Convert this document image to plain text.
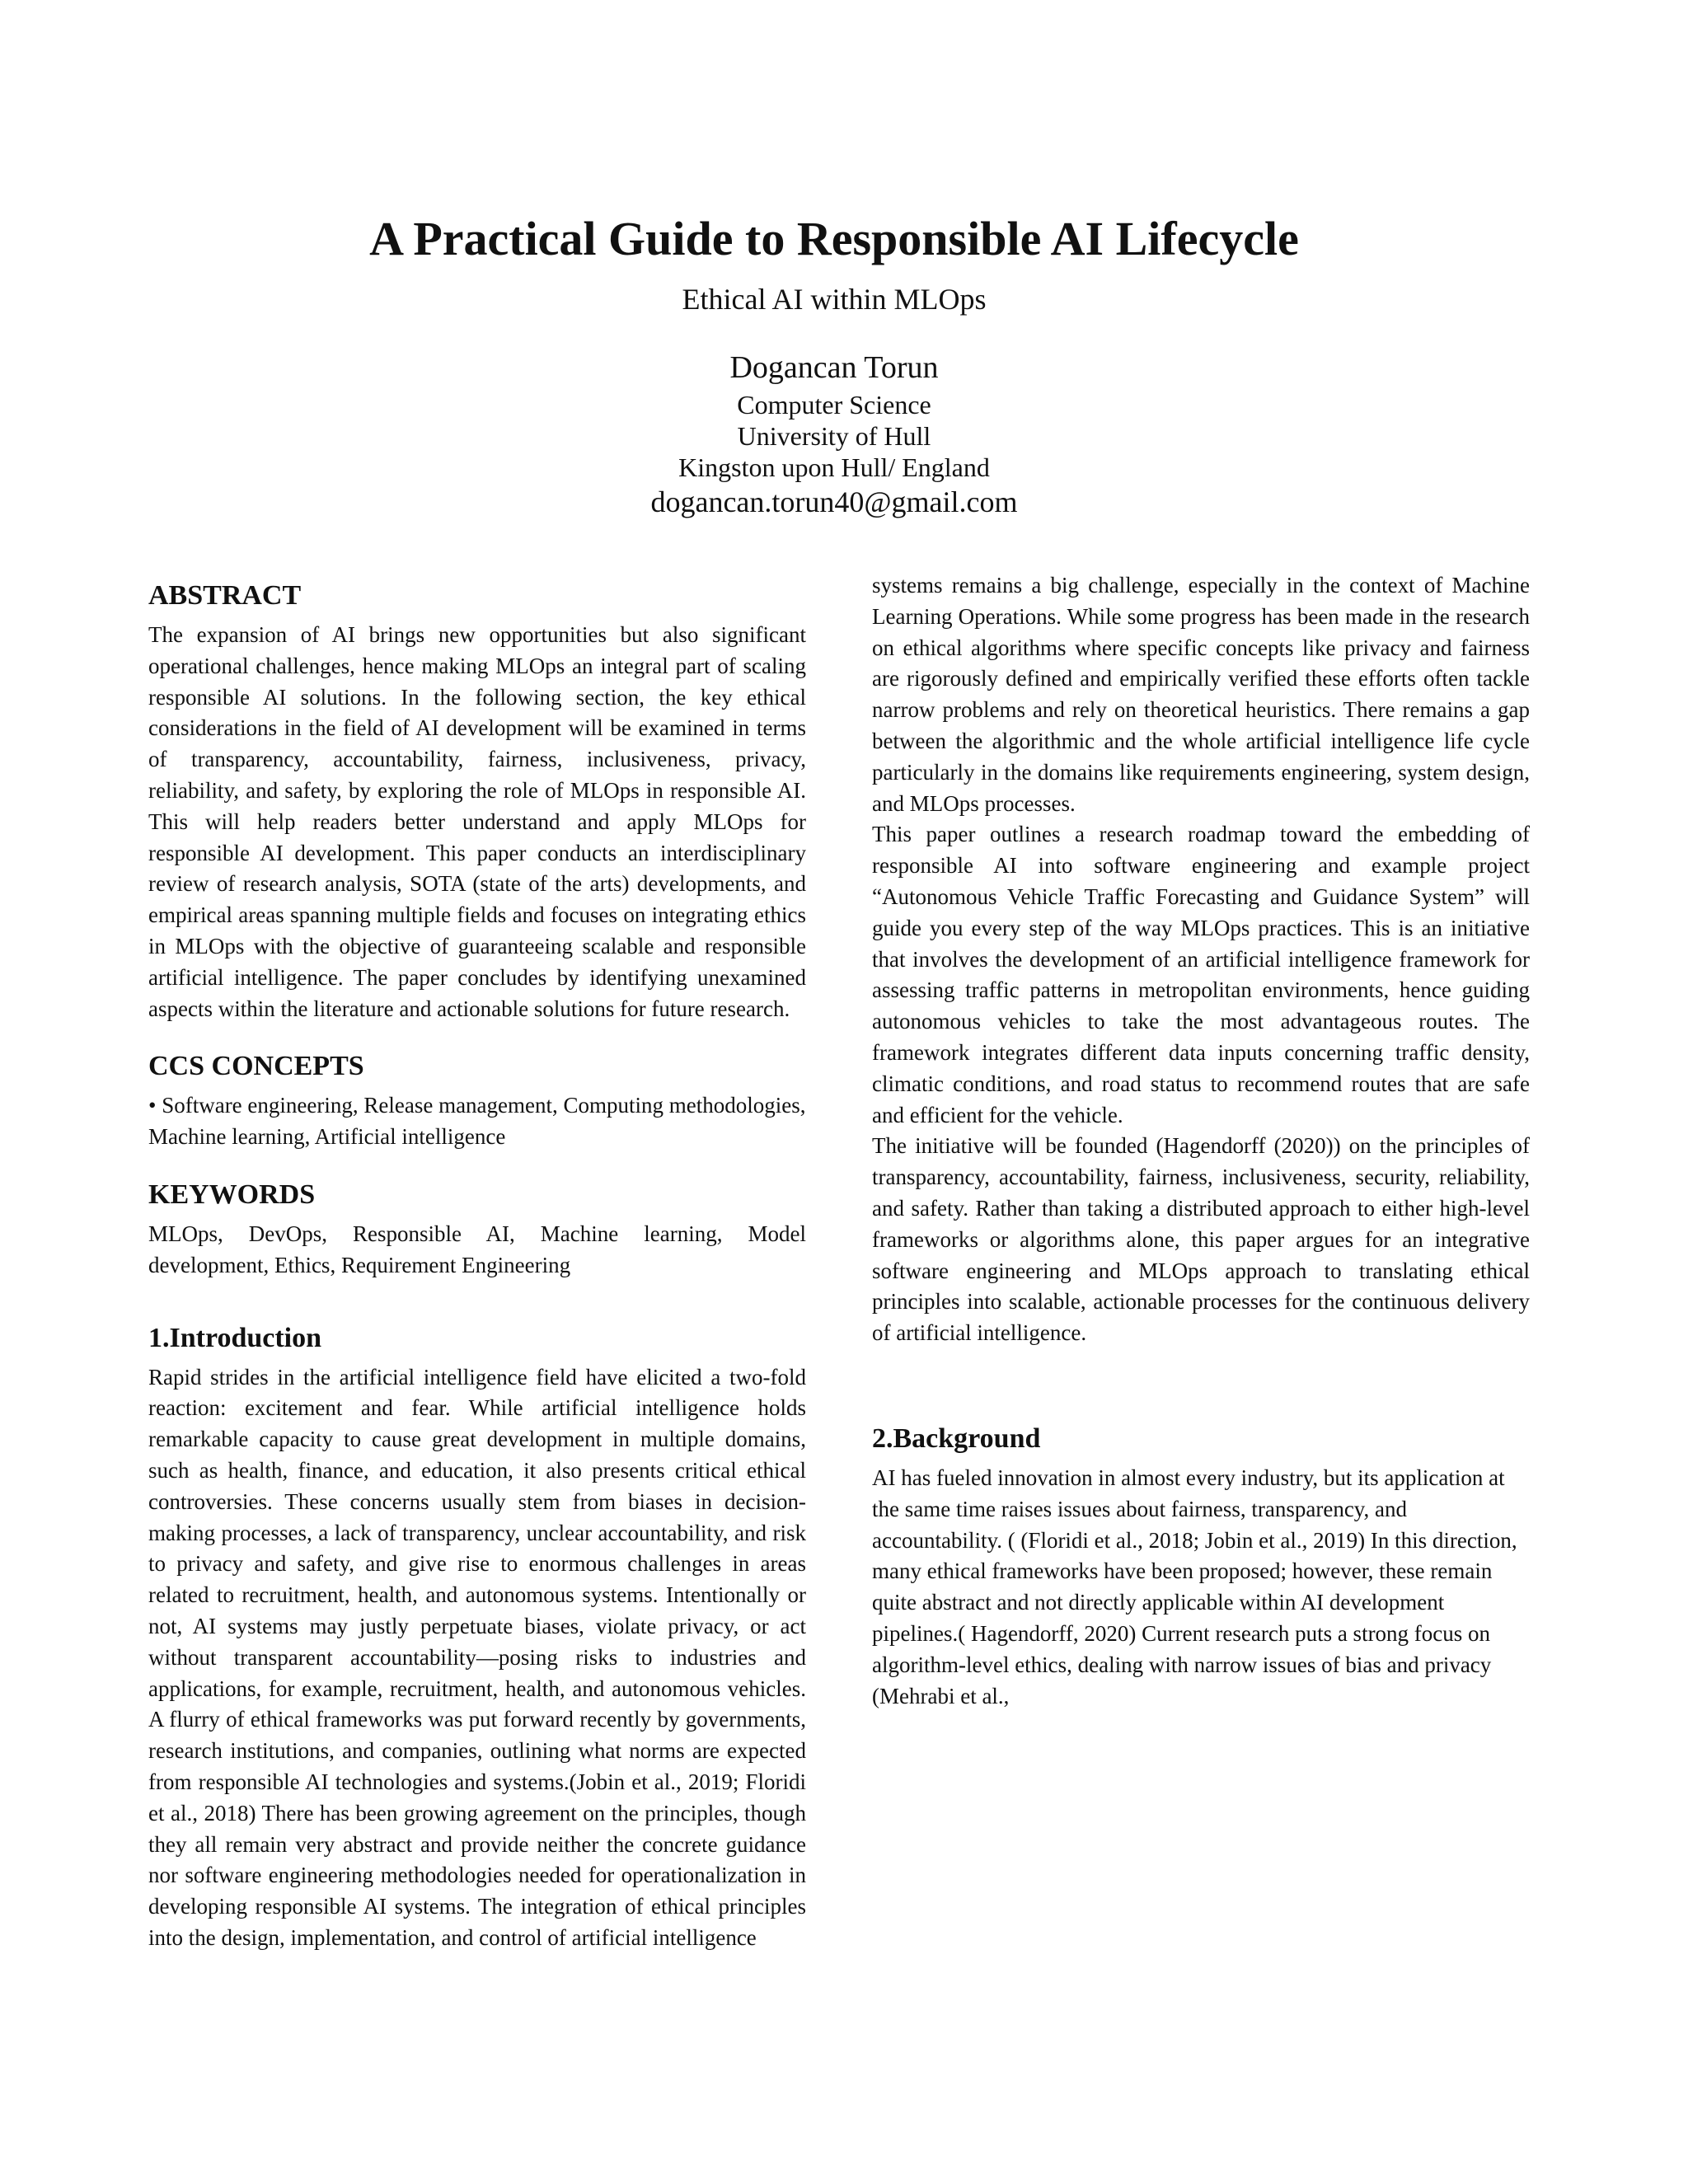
A Practical Guide to Responsible AI Lifecycle
Ethical AI within MLOps
Dogancan Torun
Computer Science
University of Hull
Kingston upon Hull/ England
dogancan.torun40@gmail.com
ABSTRACT

The expansion of AI brings new opportunities but also significant operational challenges, hence making MLOps an integral part of scaling responsible AI solutions. In the following section, the key ethical considerations in the field of AI development will be examined in terms of transparency, accountability, fairness, inclusiveness, privacy, reliability, and safety, by exploring the role of MLOps in responsible AI. This will help readers better understand and apply MLOps for responsible AI development. This paper conducts an interdisciplinary review of research analysis, SOTA (state of the arts) developments, and empirical areas spanning multiple fields and focuses on integrating ethics in MLOps with the objective of guaranteeing scalable and responsible artificial intelligence. The paper concludes by identifying unexamined aspects within the literature and actionable solutions for future research.

CCS CONCEPTS

• Software engineering, Release management, Computing methodologies, Machine learning, Artificial intelligence

KEYWORDS

MLOps, DevOps, Responsible AI, Machine learning, Model development, Ethics, Requirement Engineering

1.Introduction

Rapid strides in the artificial intelligence field have elicited a two-fold reaction: excitement and fear. While artificial intelligence holds remarkable capacity to cause great development in multiple domains, such as health, finance, and education, it also presents critical ethical controversies. These concerns usually stem from biases in decision-making processes, a lack of transparency, unclear accountability, and risk to privacy and safety, and give rise to enormous challenges in areas related to recruitment, health, and autonomous systems. Intentionally or not, AI systems may justly perpetuate biases, violate privacy, or act without transparent accountability—posing risks to industries and applications, for example, recruitment, health, and autonomous vehicles. A flurry of ethical frameworks was put forward recently by governments, research institutions, and companies, outlining what norms are expected from responsible AI technologies and systems.(Jobin et al., 2019; Floridi et al., 2018) There has been growing agreement on the principles, though they all remain very abstract and provide neither the concrete guidance nor software engineering methodologies needed for operationalization in developing responsible AI systems. The integration of ethical principles into the design, implementation, and control of artificial intelligence

systems remains a big challenge, especially in the context of Machine Learning Operations. While some progress has been made in the research on ethical algorithms where specific concepts like privacy and fairness are rigorously defined and empirically verified these efforts often tackle narrow problems and rely on theoretical heuristics. There remains a gap between the algorithmic and the whole artificial intelligence life cycle particularly in the domains like requirements engineering, system design, and MLOps processes.

This paper outlines a research roadmap toward the embedding of responsible AI into software engineering and example project “Autonomous Vehicle Traffic Forecasting and Guidance System” will guide you every step of the way MLOps practices. This is an initiative that involves the development of an artificial intelligence framework for assessing traffic patterns in metropolitan environments, hence guiding autonomous vehicles to take the most advantageous routes. The framework integrates different data inputs concerning traffic density, climatic conditions, and road status to recommend routes that are safe and efficient for the vehicle.

The initiative will be founded (Hagendorff (2020)) on the principles of transparency, accountability, fairness, inclusiveness, security, reliability, and safety. Rather than taking a distributed approach to either high-level frameworks or algorithms alone, this paper argues for an integrative software engineering and MLOps approach to translating ethical principles into scalable, actionable processes for the continuous delivery of artificial intelligence.

2.Background

AI has fueled innovation in almost every industry, but its application at the same time raises issues about fairness, transparency, and accountability. ( (Floridi et al., 2018; Jobin et al., 2019) In this direction, many ethical frameworks have been proposed; however, these remain quite abstract and not directly applicable within AI development pipelines.( Hagendorff, 2020) Current research puts a strong focus on algorithm-level ethics, dealing with narrow issues of bias and privacy (Mehrabi et al.,
